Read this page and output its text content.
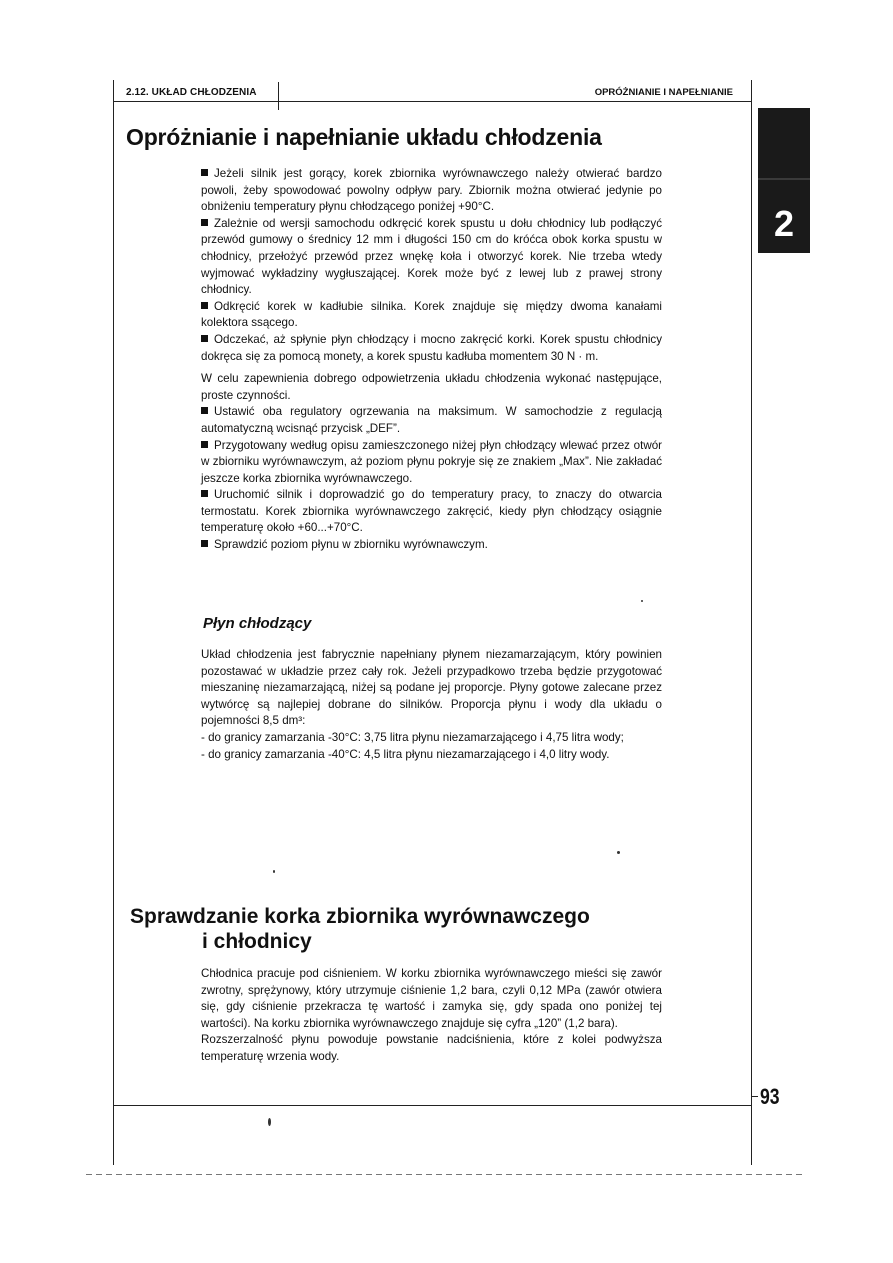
2.12. UKŁAD CHŁODZENIA	OPRÓŻNIANIE I NAPEŁNIANIE
2
Opróżnianie i napełnianie układu chłodzenia

Jeżeli silnik jest gorący, korek zbiornika wyrównawczego należy otwierać bardzo powoli, żeby spowodować powolny odpływ pary. Zbiornik można otwierać jedynie po obniżeniu temperatury płynu chłodzącego poniżej +90°C.

Zależnie od wersji samochodu odkręcić korek spustu u dołu chłodnicy lub podłączyć przewód gumowy o średnicy 12 mm i długości 150 cm do króćca obok korka spustu w chłodnicy, przełożyć przewód przez wnękę koła i otworzyć korek. Nie trzeba wtedy wyjmować wykładziny wygłuszającej. Korek może być z lewej lub z prawej strony chłodnicy.

Odkręcić korek w kadłubie silnika. Korek znajduje się między dwoma kanałami kolektora ssącego.

Odczekać, aż spłynie płyn chłodzący i mocno zakręcić korki. Korek spustu chłodnicy dokręca się za pomocą monety, a korek spustu kadłuba momentem 30 N · m.

W celu zapewnienia dobrego odpowietrzenia układu chłodzenia wykonać następujące, proste czynności.

Ustawić oba regulatory ogrzewania na maksimum. W samochodzie z regulacją automatyczną wcisnąć przycisk „DEF”.

Przygotowany według opisu zamieszczonego niżej płyn chłodzący wlewać przez otwór w zbiorniku wyrównawczym, aż poziom płynu pokryje się ze znakiem „Max”. Nie zakładać jeszcze korka zbiornika wyrównawczego.

Uruchomić silnik i doprowadzić go do temperatury pracy, to znaczy do otwarcia termostatu. Korek zbiornika wyrównawczego zakręcić, kiedy płyn chłodzący osiągnie temperaturę około +60...+70°C.

Sprawdzić poziom płynu w zbiorniku wyrównawczym.

Płyn chłodzący

Układ chłodzenia jest fabrycznie napełniany płynem niezamarzającym, który powinien pozostawać w układzie przez cały rok. Jeżeli przypadkowo trzeba będzie przygotować mieszaninę niezamarzającą, niżej są podane jej proporcje. Płyny gotowe zalecane przez wytwórcę są najlepiej dobrane do silników. Proporcja płynu i wody dla układu o pojemności 8,5 dm³:

- do granicy zamarzania -30°C: 3,75 litra płynu niezamarzającego i 4,75 litra wody;

- do granicy zamarzania -40°C: 4,5 litra płynu niezamarzającego i 4,0 litry wody.

Sprawdzanie korka zbiornika wyrównawczego
i chłodnicy

Chłodnica pracuje pod ciśnieniem. W korku zbiornika wyrównawczego mieści się zawór zwrotny, sprężynowy, który utrzymuje ciśnienie 1,2 bara, czyli 0,12 MPa (zawór otwiera się, gdy ciśnienie przekracza tę wartość i zamyka się, gdy spada ono poniżej tej wartości). Na korku zbiornika wyrównawczego znajduje się cyfra „120” (1,2 bara).

Rozszerzalność płynu powoduje powstanie nadciśnienia, które z kolei podwyższa temperaturę wrzenia wody.

93
